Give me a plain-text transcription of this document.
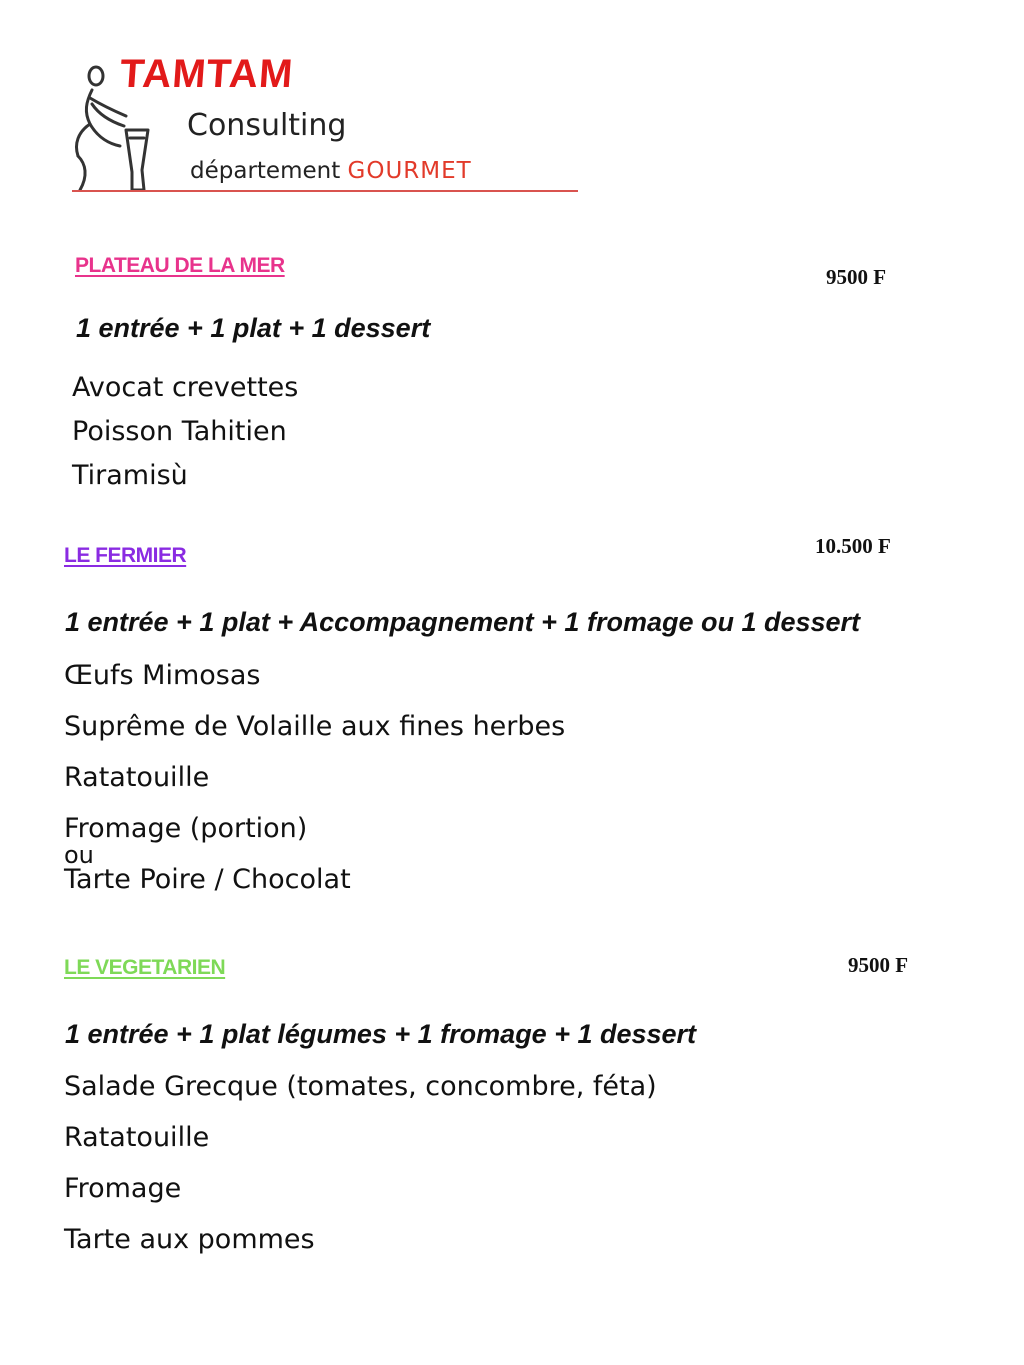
TAMTAM
Consulting
département GOURMET
PLATEAU DE LA MER	9500 F
1 entrée + 1 plat + 1 dessert
Avocat crevettes
Poisson Tahitien
Tiramisù
LE FERMIER	10.500 F
1 entrée + 1 plat + Accompagnement + 1 fromage ou 1 dessert
Œufs Mimosas
Suprême de Volaille aux fines herbes
Ratatouille
Fromage (portion)
ou
Tarte Poire / Chocolat
LE VEGETARIEN	9500 F
1 entrée + 1 plat légumes + 1 fromage + 1 dessert
Salade Grecque (tomates, concombre, féta)
Ratatouille
Fromage
Tarte aux pommes
